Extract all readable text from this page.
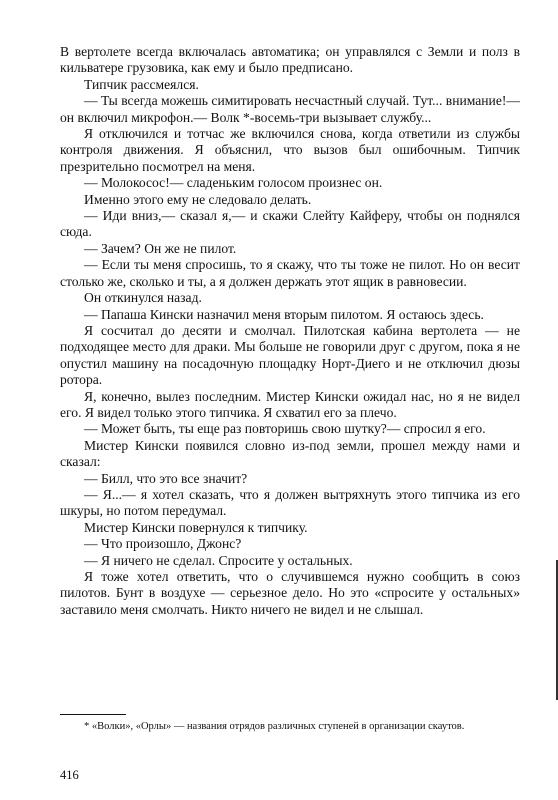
В вертолете всегда включалась автоматика; он управлялся с Земли и полз в кильватере грузовика, как ему и было предписано.

Типчик рассмеялся.

— Ты всегда можешь симитировать несчастный случай. Тут... внимание!— он включил микрофон.— Волк *-восемь-три вызывает службу...

Я отключился и тотчас же включился снова, когда ответили из службы контроля движения. Я объяснил, что вызов был ошибочным. Типчик презрительно посмотрел на меня.

— Молокосос!— сладеньким голосом произнес он.

Именно этого ему не следовало делать.

— Иди вниз,— сказал я,— и скажи Слейту Кайферу, чтобы он поднялся сюда.

— Зачем? Он же не пилот.

— Если ты меня спросишь, то я скажу, что ты тоже не пилот. Но он весит столько же, сколько и ты, а я должен держать этот ящик в равновесии.

Он откинулся назад.

— Папаша Кински назначил меня вторым пилотом. Я остаюсь здесь.

Я сосчитал до десяти и смолчал. Пилотская кабина вертолета — не подходящее место для драки. Мы больше не говорили друг с другом, пока я не опустил машину на посадочную площадку Норт-Диего и не отключил дюзы ротора.

Я, конечно, вылез последним. Мистер Кински ожидал нас, но я не видел его. Я видел только этого типчика. Я схватил его за плечо.

— Может быть, ты еще раз повторишь свою шутку?— спросил я его.

Мистер Кински появился словно из-под земли, прошел между нами и сказал:

— Билл, что это все значит?

— Я...— я хотел сказать, что я должен вытряхнуть этого типчика из его шкуры, но потом передумал.

Мистер Кински повернулся к типчику.

— Что произошло, Джонс?

— Я ничего не сделал. Спросите у остальных.

Я тоже хотел ответить, что о случившемся нужно сообщить в союз пилотов. Бунт в воздухе — серьезное дело. Но это «спросите у остальных» заставило меня смолчать. Никто ничего не видел и не слышал.

* «Волки», «Орлы» — названия отрядов различных ступеней в организации скаутов.
416
